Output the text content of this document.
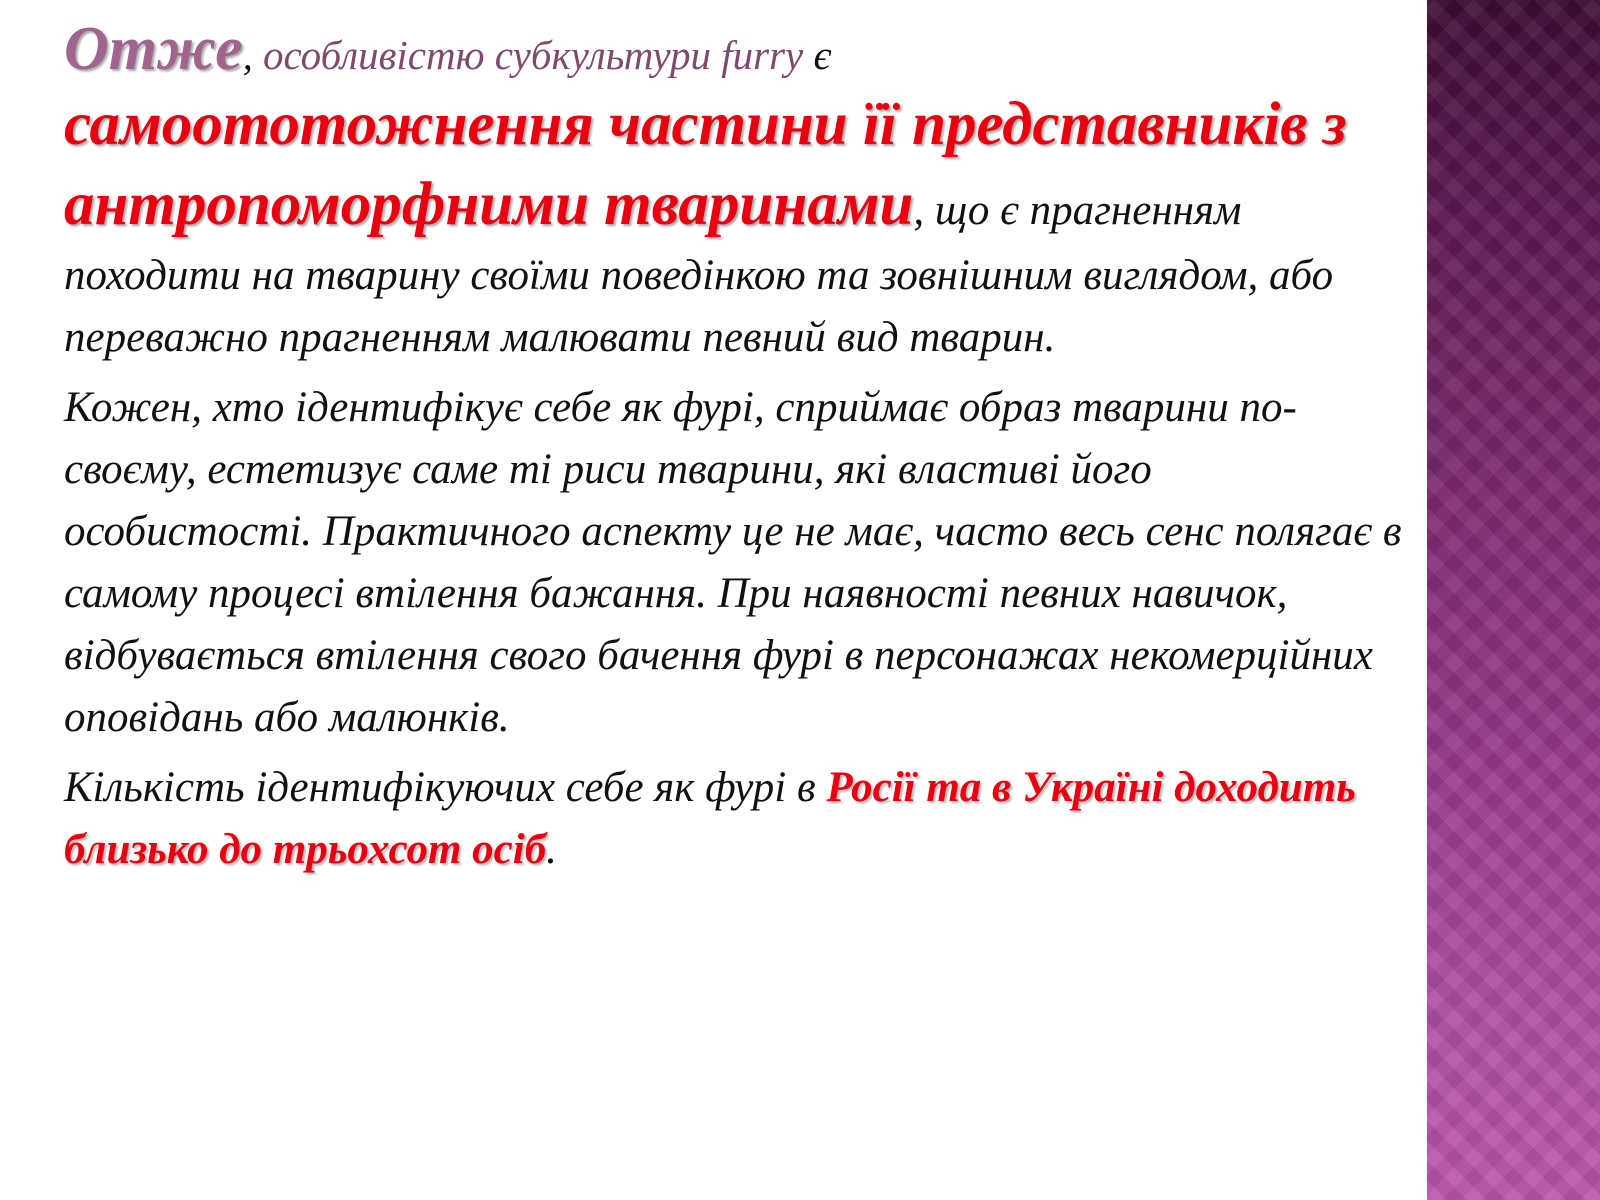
Отже, особливістю субкультури furry є
самоототожнення частини її представників з антропоморфними тваринами, що є прагненням походити на тварину своїми поведінкою та зовнішним виглядом, або переважно прагненням малювати певний вид тварин.

Кожен, хто ідентифікує себе як фурі, сприймає образ тварини по-своєму, естетизує саме ті риси тварини, які властиві його особистості. Практичного аспекту це не має, часто весь сенс полягає в самому процесі втілення бажання. При наявності певних навичок, відбувається втілення свого бачення фурі в персонажах некомерційних оповідань або малюнків.

Кількість ідентифікуючих себе як фурі в Росії та в Україні доходить близько до трьохсот осіб.
